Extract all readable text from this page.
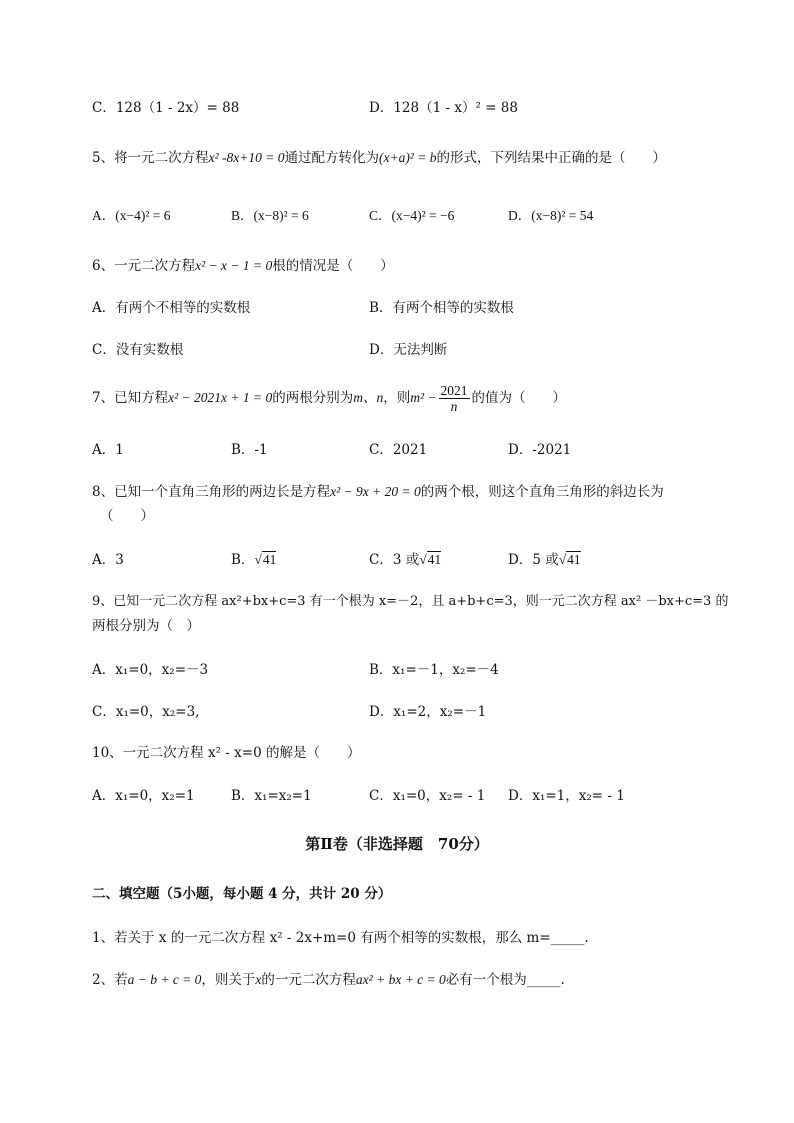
C．128（1 - 2x）= 88	D．128（1 - x）² = 88
5、将一元二次方程x² -8x+10 = 0通过配方转化为(x+a)² = b的形式，下列结果中正确的是（　　）
A．(x−4)² = 6	B．(x−8)² = 6	C．(x−4)² = −6	D．(x−8)² = 54
6、一元二次方程x² − x − 1 = 0根的情况是（　　）
A．有两个不相等的实数根	B．有两个相等的实数根
C．没有实数根	D．无法判断
7、已知方程x² − 2021x + 1 = 0的两根分别为m、n，则$m^2 - \frac{2021}{n}$ 的值为（　　）
A．1	B．-1	C．2021	D．-2021
8、已知一个直角三角形的两边长是方程x² − 9x + 20 = 0的两个根，则这个直角三角形的斜边长为
（　　）
A．3	B．√41	C．3 或√41	D．5 或√41
9、已知一元二次方程 ax²+bx+c=3 有一个根为 x=－2，且 a+b+c=3，则一元二次方程 ax² －bx+c=3 的
两根分别为（　）
A．x₁=0，x₂=－3	B．x₁=－1，x₂=－4
C．x₁=0，x₂=3,	D．x₁=2，x₂=－1
10、一元二次方程 x² - x=0 的解是（　　）
A．x₁=0，x₂=1	B．x₁=x₂=1	C．x₁=0，x₂= - 1 D．x₁=1，x₂= - 1
第Ⅱ卷（非选择题　70分）
二、填空题（5小题，每小题 4 分，共计 20 分）
1、若关于 x 的一元二次方程 x² - 2x+m=0 有两个相等的实数根，那么 m=_____.
2、若a − b + c = 0，则关于x的一元二次方程ax² + bx + c = 0必有一个根为_____.
